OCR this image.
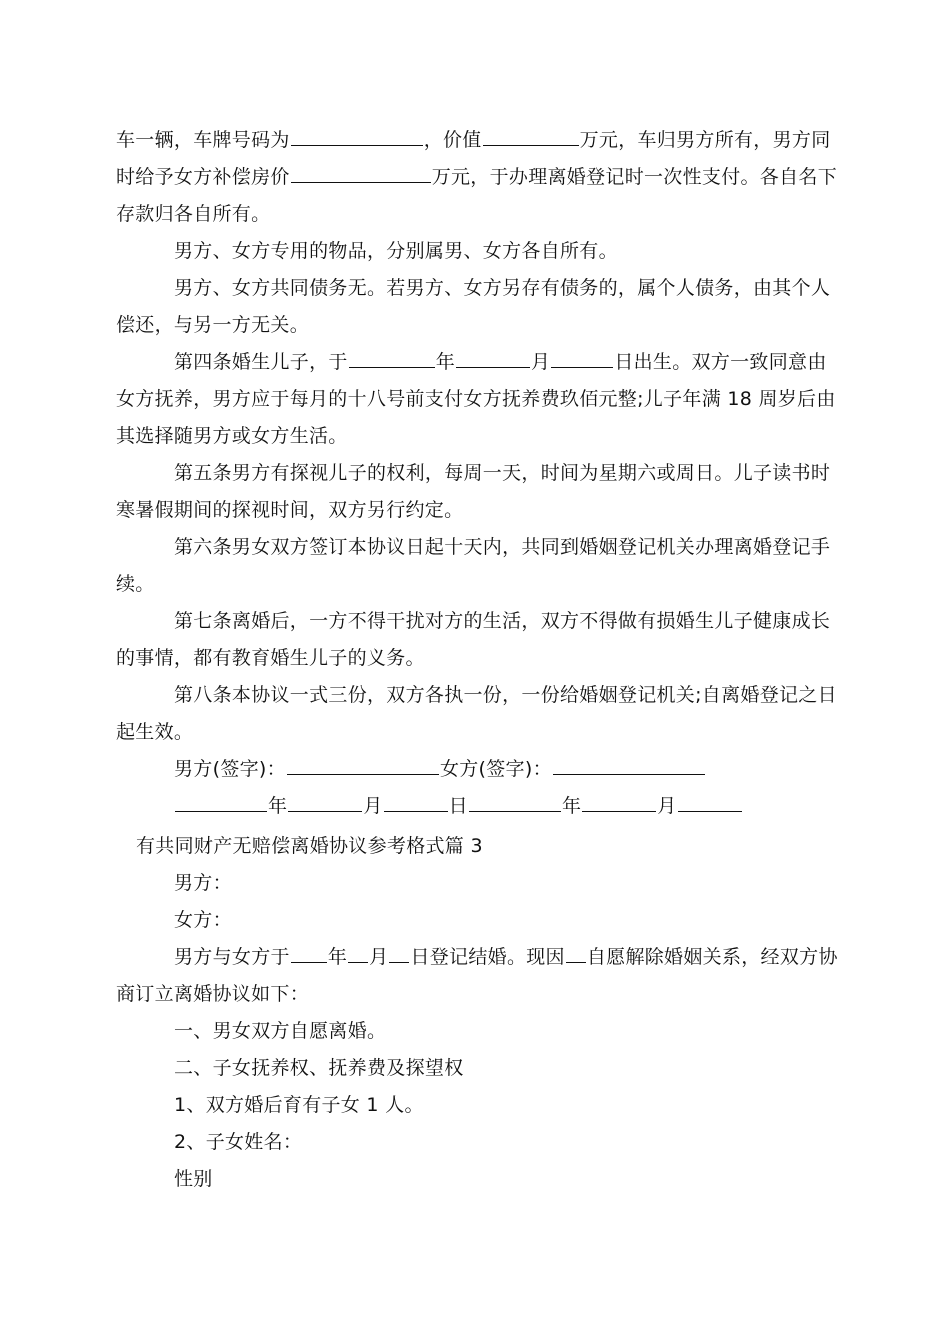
车一辆，车牌号码为	，价值	万元，车归男方所有，男方同
时给予女方补偿房价	万元，于办理离婚登记时一次性支付。各自名下
存款归各自所有。
男方、女方专用的物品，分别属男、女方各自所有。
男方、女方共同债务无。若男方、女方另存有债务的，属个人债务，由其个人
偿还，与另一方无关。
第四条婚生儿子，于	年	月	日出生。双方一致同意由
女方抚养，男方应于每月的十八号前支付女方抚养费玖佰元整;儿子年满 18 周岁后由
其选择随男方或女方生活。
第五条男方有探视儿子的权利，每周一天，时间为星期六或周日。儿子读书时
寒暑假期间的探视时间，双方另行约定。
第六条男女双方签订本协议日起十天内，共同到婚姻登记机关办理离婚登记手
续。
第七条离婚后，一方不得干扰对方的生活，双方不得做有损婚生儿子健康成长
的事情，都有教育婚生儿子的义务。
第八条本协议一式三份，双方各执一份，一份给婚姻登记机关;自离婚登记之日
起生效。
男方(签字)：	女方(签字)：
年	月	日	年	月
有共同财产无赔偿离婚协议参考格式篇 3
男方：
女方：
男方与女方于 年 月 日登记结婚。现因 自愿解除婚姻关系，经双方协
商订立离婚协议如下：
一、男女双方自愿离婚。
二、子女抚养权、抚养费及探望权
1、双方婚后育有子女 1 人。
2、子女姓名：
性别
